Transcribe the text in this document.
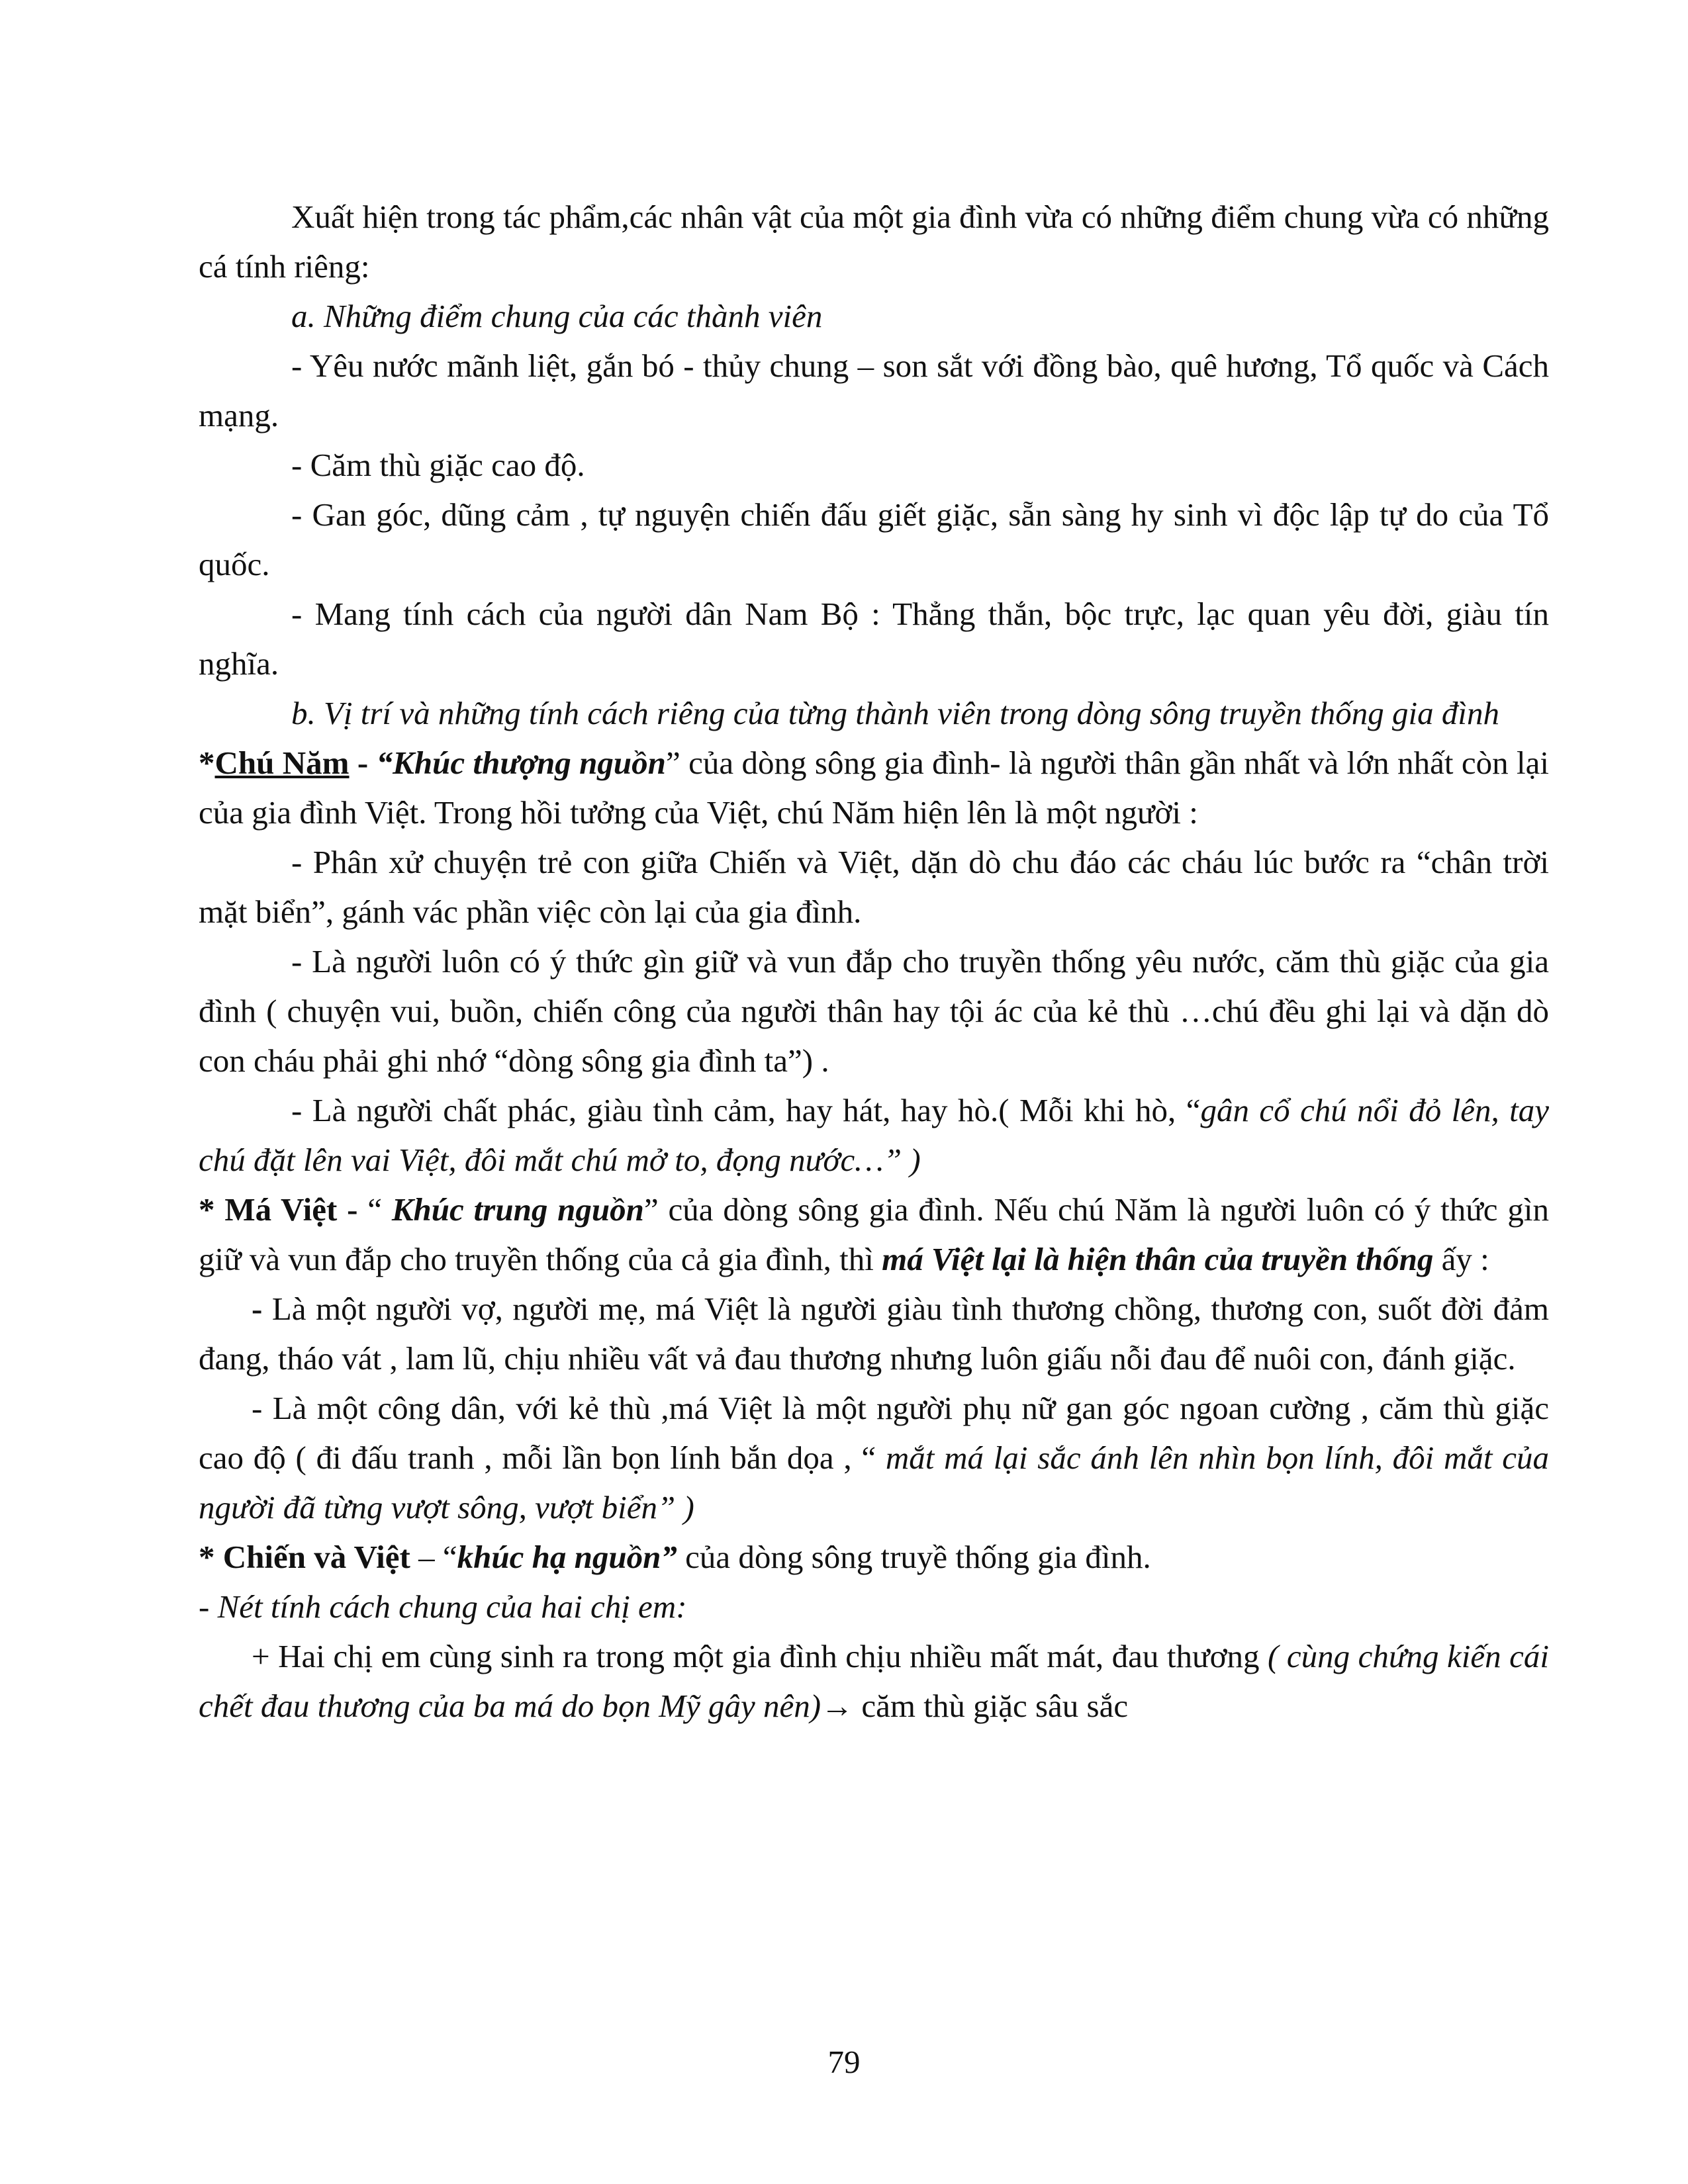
Xuất hiện trong tác phẩm,các nhân vật của một gia đình vừa có những điểm chung vừa có những cá tính riêng:

a. Những điểm chung của các thành viên

- Yêu nước mãnh liệt, gắn bó - thủy chung – son sắt với đồng bào, quê hương, Tổ quốc và Cách mạng.

- Căm thù giặc cao độ.

- Gan góc, dũng cảm , tự nguyện chiến đấu giết giặc, sẵn sàng hy sinh vì độc lập tự do của Tổ quốc.

- Mang tính cách của người dân Nam Bộ : Thẳng thắn, bộc trực, lạc quan yêu đời, giàu tín nghĩa.

b. Vị trí và những tính cách riêng của từng thành viên trong dòng sông truyền thống gia đình

*Chú Năm - “Khúc thượng nguồn” của dòng sông gia đình- là người thân gần nhất và lớn nhất còn lại của gia đình Việt. Trong hồi tưởng của Việt, chú Năm hiện lên là một người :

- Phân xử chuyện trẻ con giữa Chiến và Việt, dặn dò chu đáo các cháu lúc bước ra “chân trời mặt biển”, gánh vác phần việc còn lại của gia đình.

- Là người luôn có ý thức gìn giữ và vun đắp cho truyền thống yêu nước, căm thù giặc của gia đình ( chuyện vui, buồn, chiến công của người thân hay tội ác của kẻ thù …chú đều ghi lại và dặn dò con cháu phải ghi nhớ “dòng sông gia đình ta”) .

- Là người chất phác, giàu tình cảm, hay hát, hay hò.( Mỗi khi hò, “gân cổ chú nổi đỏ lên, tay chú đặt lên vai Việt, đôi mắt chú mở to, đọng nước…” )

* Má Việt - “ Khúc trung nguồn” của dòng sông gia đình. Nếu chú Năm là người luôn có ý thức gìn giữ và vun đắp cho truyền thống của cả gia đình, thì má Việt lại là hiện thân của truyền thống ấy :

- Là một người vợ, người mẹ, má Việt là người giàu tình thương chồng, thương con, suốt đời đảm đang, tháo vát , lam lũ, chịu nhiều vất vả đau thương nhưng luôn giấu nỗi đau để nuôi con, đánh giặc.

- Là một công dân, với kẻ thù ,má Việt là một người phụ nữ gan góc ngoan cường , căm thù giặc cao độ ( đi đấu tranh , mỗi lần bọn lính bắn dọa , “ mắt má lại sắc ánh lên nhìn bọn lính, đôi mắt của người đã từng vượt sông, vượt biển” )

* Chiến và Việt – “khúc hạ nguồn” của dòng sông truyề thống gia đình.

- Nét tính cách chung của hai chị em:

+ Hai chị em cùng sinh ra trong một gia đình chịu nhiều mất mát, đau thương ( cùng chứng kiến cái chết đau thương của ba má do bọn Mỹ gây nên)→ căm thù giặc sâu sắc

79
